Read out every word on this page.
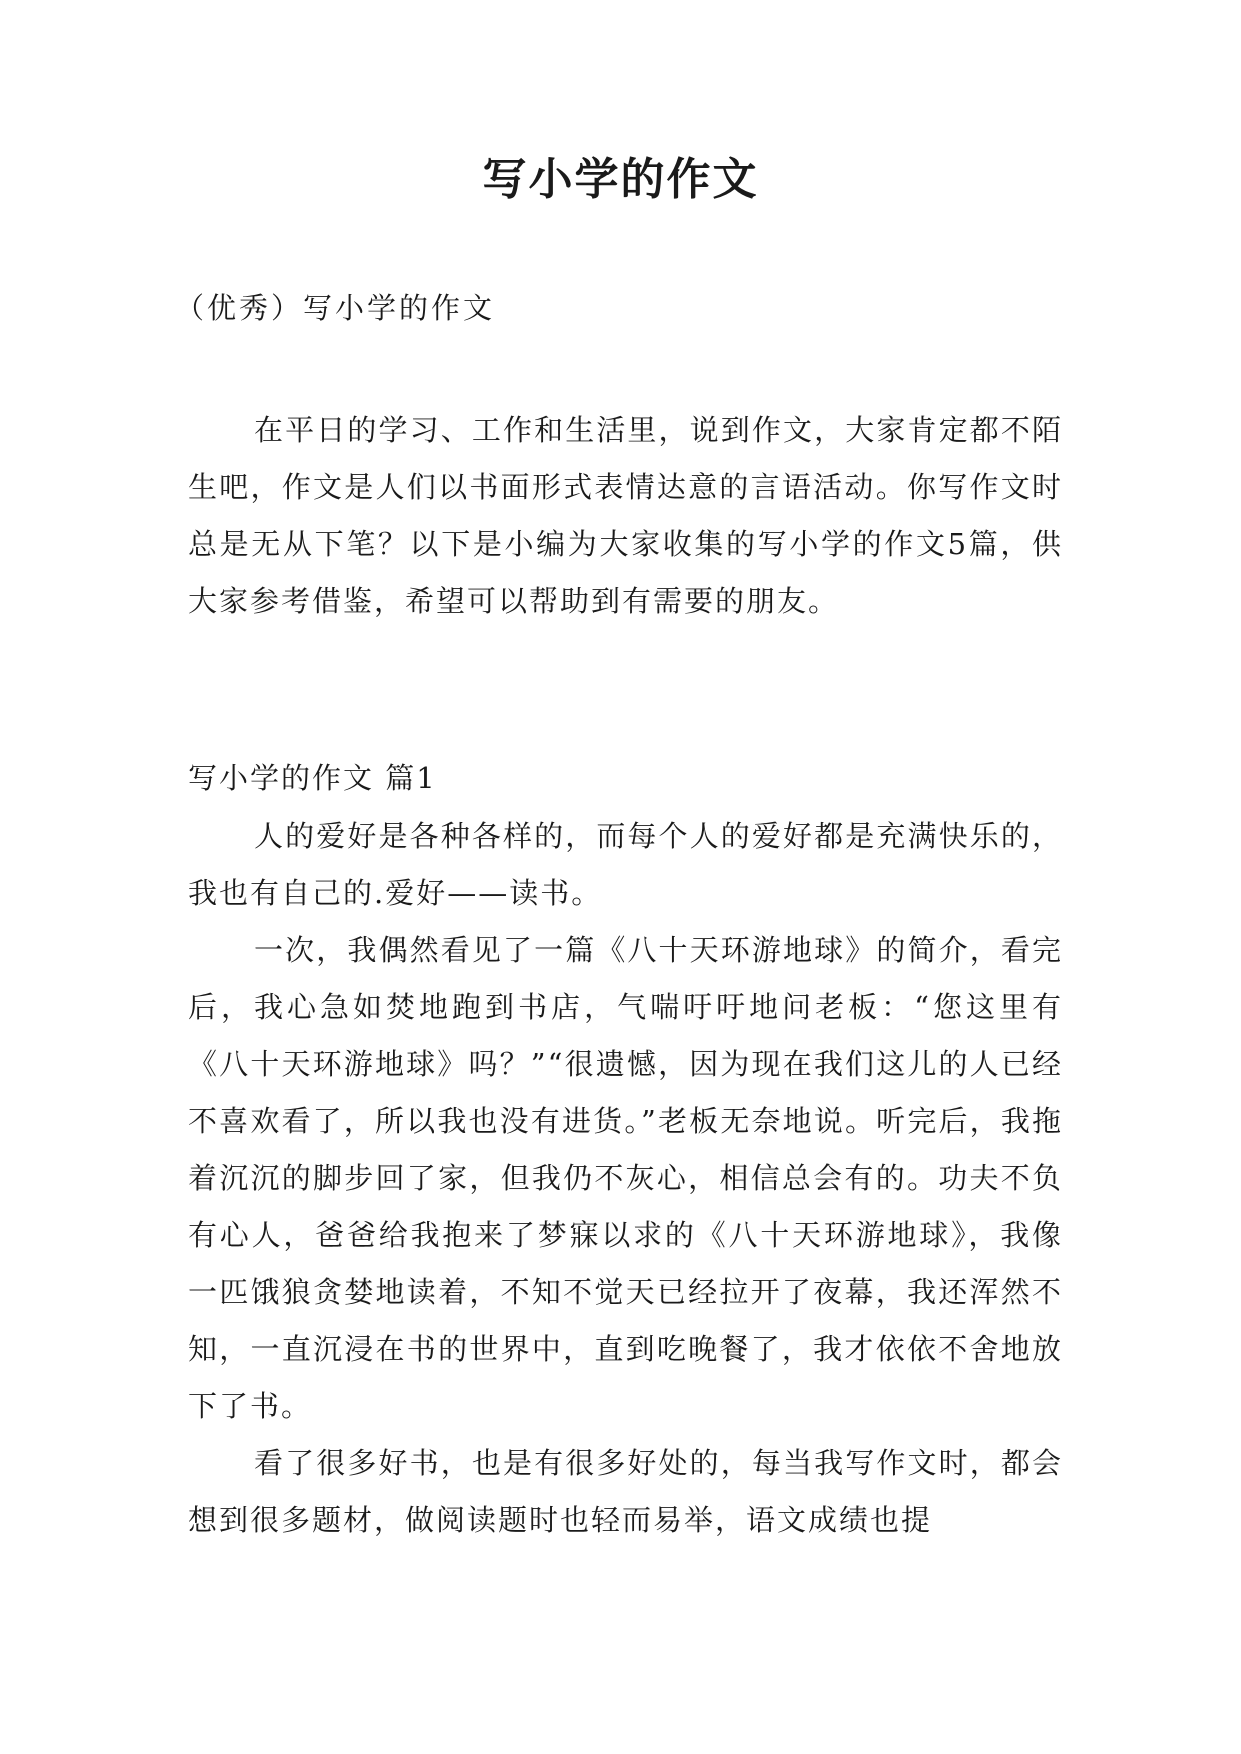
写小学的作文
（优秀）写小学的作文

在平日的学习、工作和生活里，说到作文，大家肯定都不陌生吧，作文是人们以书面形式表情达意的言语活动。你写作文时总是无从下笔？以下是小编为大家收集的写小学的作文5篇，供大家参考借鉴，希望可以帮助到有需要的朋友。

写小学的作文 篇1

人的爱好是各种各样的，而每个人的爱好都是充满快乐的，我也有自己的.爱好——读书。

一次，我偶然看见了一篇《八十天环游地球》的简介，看完后，我心急如焚地跑到书店，气喘吁吁地问老板：“您这里有《八十天环游地球》吗？”“很遗憾，因为现在我们这儿的人已经不喜欢看了，所以我也没有进货。”老板无奈地说。听完后，我拖着沉沉的脚步回了家，但我仍不灰心，相信总会有的。功夫不负有心人，爸爸给我抱来了梦寐以求的《八十天环游地球》，我像一匹饿狼贪婪地读着，不知不觉天已经拉开了夜幕，我还浑然不知，一直沉浸在书的世界中，直到吃晚餐了，我才依依不舍地放下了书。

看了很多好书，也是有很多好处的，每当我写作文时，都会想到很多题材，做阅读题时也轻而易举，语文成绩也提
